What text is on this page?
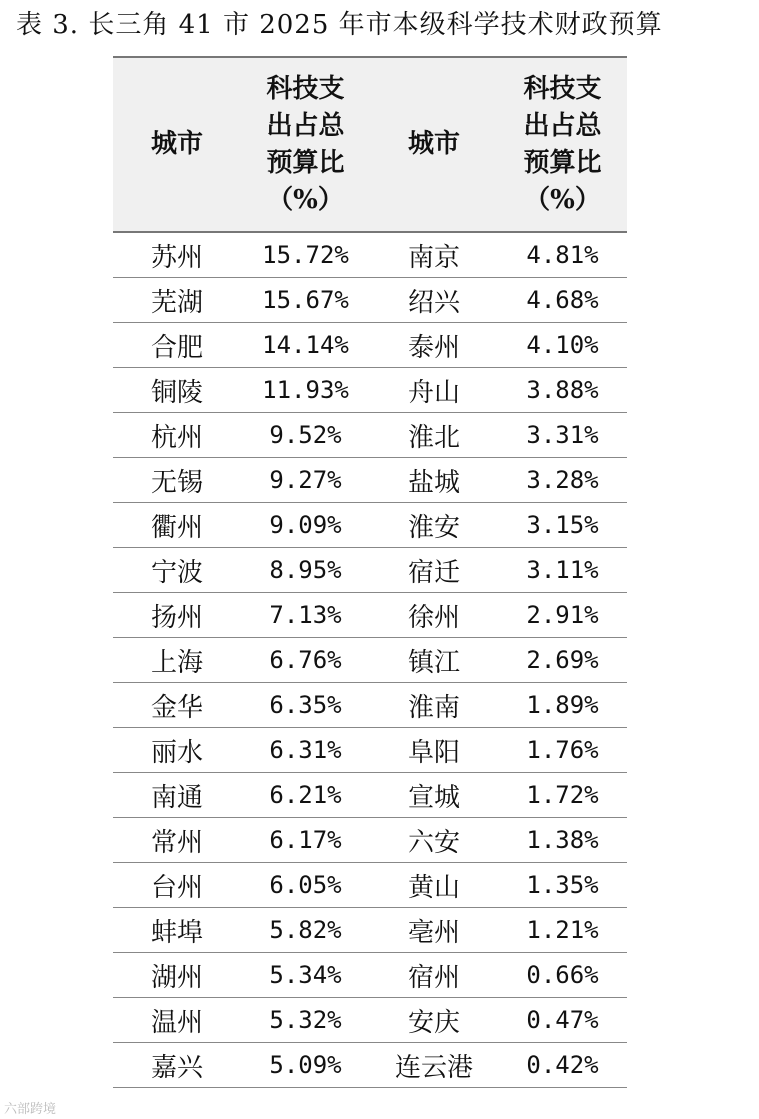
表 3. 长三角 41 市 2025 年市本级科学技术财政预算
城市	科技支
出占总
预算比
（%）	城市	科技支
出占总
预算比
（%）
苏州	15.72%	南京	4.81%
芜湖	15.67%	绍兴	4.68%
合肥	14.14%	泰州	4.10%
铜陵	11.93%	舟山	3.88%
杭州	9.52%	淮北	3.31%
无锡	9.27%	盐城	3.28%
衢州	9.09%	淮安	3.15%
宁波	8.95%	宿迁	3.11%
扬州	7.13%	徐州	2.91%
上海	6.76%	镇江	2.69%
金华	6.35%	淮南	1.89%
丽水	6.31%	阜阳	1.76%
南通	6.21%	宣城	1.72%
常州	6.17%	六安	1.38%
台州	6.05%	黄山	1.35%
蚌埠	5.82%	亳州	1.21%
湖州	5.34%	宿州	0.66%
温州	5.32%	安庆	0.47%
嘉兴	5.09%	连云港	0.42%
六部跨境
